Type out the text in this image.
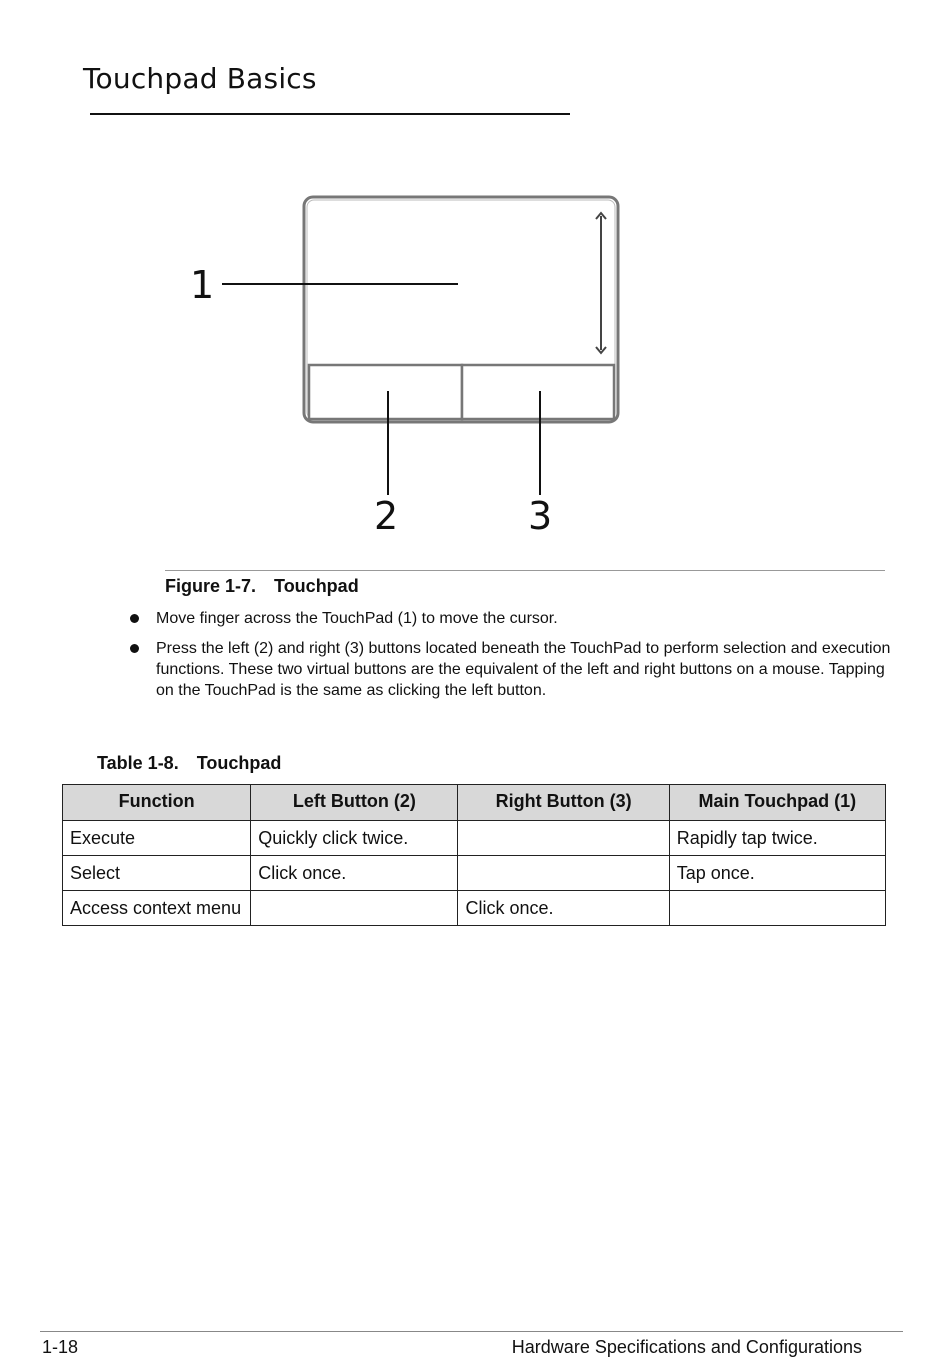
Touchpad Basics
1
2	3
Figure 1-7. Touchpad
Move finger across the TouchPad (1) to move the cursor.
Press the left (2) and right (3) buttons located beneath the TouchPad to perform selection and execution functions. These two virtual buttons are the equivalent of the left and right buttons on a mouse. Tapping on the TouchPad is the same as clicking the left button.
Table 1-8. Touchpad
Function	Left Button (2)	Right Button (3)	Main Touchpad (1)
Execute	Quickly click twice.		Rapidly tap twice.
Select	Click once.		Tap once.
Access context menu		Click once.	
1-18	Hardware Specifications and Configurations
